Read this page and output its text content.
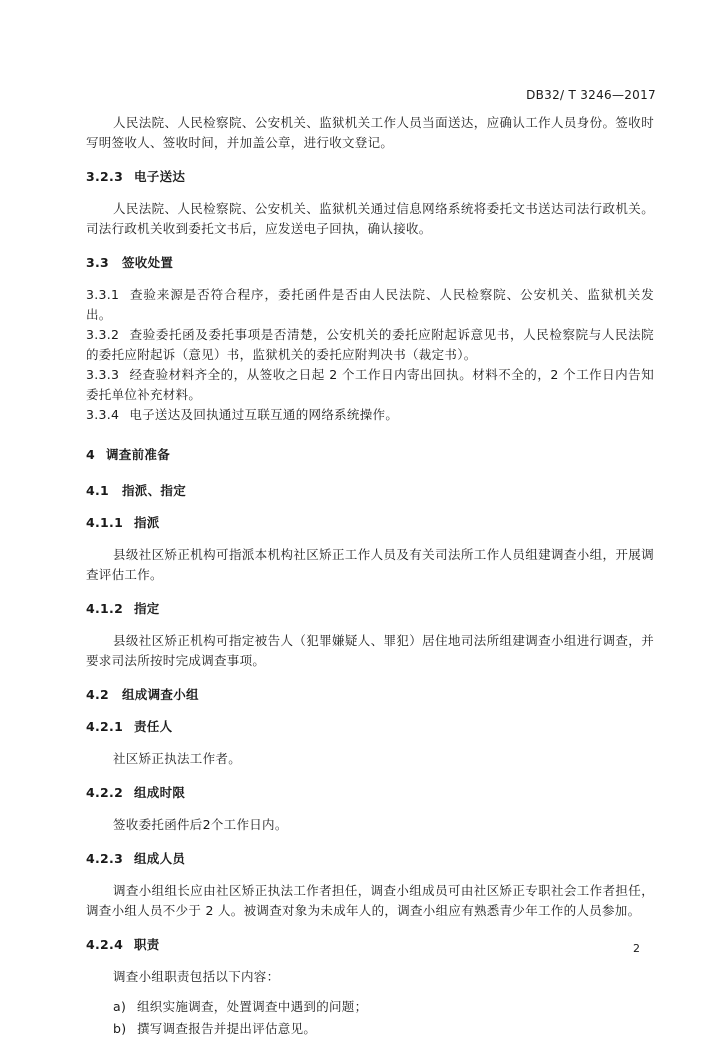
DB32/ T 3246—2017

人民法院、人民检察院、公安机关、监狱机关工作人员当面送达，应确认工作人员身份。签收时写明签收人、签收时间，并加盖公章，进行收文登记。

3.2.3 电子送达

人民法院、人民检察院、公安机关、监狱机关通过信息网络系统将委托文书送达司法行政机关。司法行政机关收到委托文书后，应发送电子回执，确认接收。

3.3 签收处置

3.3.1 查验来源是否符合程序，委托函件是否由人民法院、人民检察院、公安机关、监狱机关发出。

3.3.2 查验委托函及委托事项是否清楚，公安机关的委托应附起诉意见书，人民检察院与人民法院的委托应附起诉（意见）书，监狱机关的委托应附判决书（裁定书）。

3.3.3 经查验材料齐全的，从签收之日起 2 个工作日内寄出回执。材料不全的，2 个工作日内告知委托单位补充材料。

3.3.4 电子送达及回执通过互联互通的网络系统操作。

4 调查前准备
4.1 指派、指定
4.1.1 指派

县级社区矫正机构可指派本机构社区矫正工作人员及有关司法所工作人员组建调查小组，开展调查评估工作。

4.1.2 指定

县级社区矫正机构可指定被告人（犯罪嫌疑人、罪犯）居住地司法所组建调查小组进行调查，并要求司法所按时完成调查事项。

4.2 组成调查小组
4.2.1 责任人

社区矫正执法工作者。

4.2.2 组成时限

签收委托函件后2个工作日内。

4.2.3 组成人员

调查小组组长应由社区矫正执法工作者担任，调查小组成员可由社区矫正专职社会工作者担任，调查小组人员不少于 2 人。被调查对象为未成年人的，调查小组应有熟悉青少年工作的人员参加。

4.2.4 职责

调查小组职责包括以下内容：

a) 组织实施调查，处置调查中遇到的问题；

b) 撰写调查报告并提出评估意见。

2
